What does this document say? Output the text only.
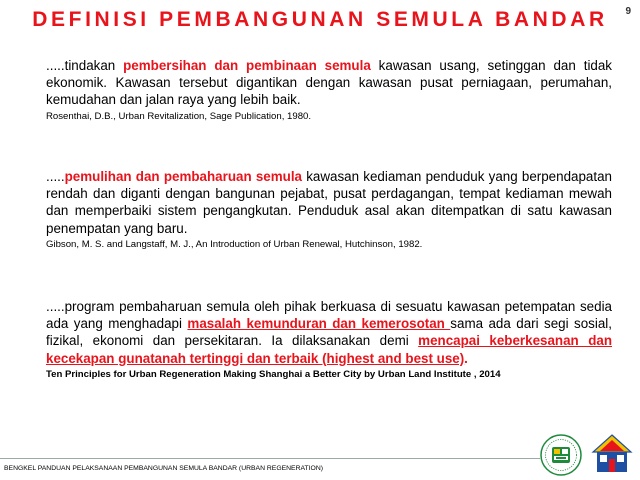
DEFINISI PEMBANGUNAN SEMULA BANDAR	9

.....tindakan pembersihan dan pembinaan semula kawasan usang, setinggan dan tidak ekonomik. Kawasan tersebut digantikan dengan kawasan pusat perniagaan, perumahan, kemudahan dan jalan raya yang lebih baik.

Rosenthai, D.B., Urban Revitalization, Sage Publication, 1980.

.....pemulihan dan pembaharuan semula kawasan kediaman penduduk yang berpendapatan rendah dan diganti dengan bangunan pejabat, pusat perdagangan, tempat kediaman mewah dan memperbaiki sistem pengangkutan. Penduduk asal akan ditempatkan di satu kawasan penempatan yang baru.

Gibson, M. S. and Langstaff, M. J., An Introduction of Urban Renewal, Hutchinson, 1982.

.....program pembaharuan semula oleh pihak berkuasa di sesuatu kawasan petempatan sedia ada yang menghadapi masalah kemunduran dan kemerosotan sama ada dari segi sosial, fizikal, ekonomi dan persekitaran. Ia dilaksanakan demi mencapai keberkesanan dan kecekapan gunatanah tertinggi dan terbaik (highest and best use).

Ten Principles for Urban Regeneration Making Shanghai a Better City by Urban Land Institute , 2014

BENGKEL PANDUAN PELAKSANAAN PEMBANGUNAN SEMULA BANDAR (URBAN REGENERATION)
